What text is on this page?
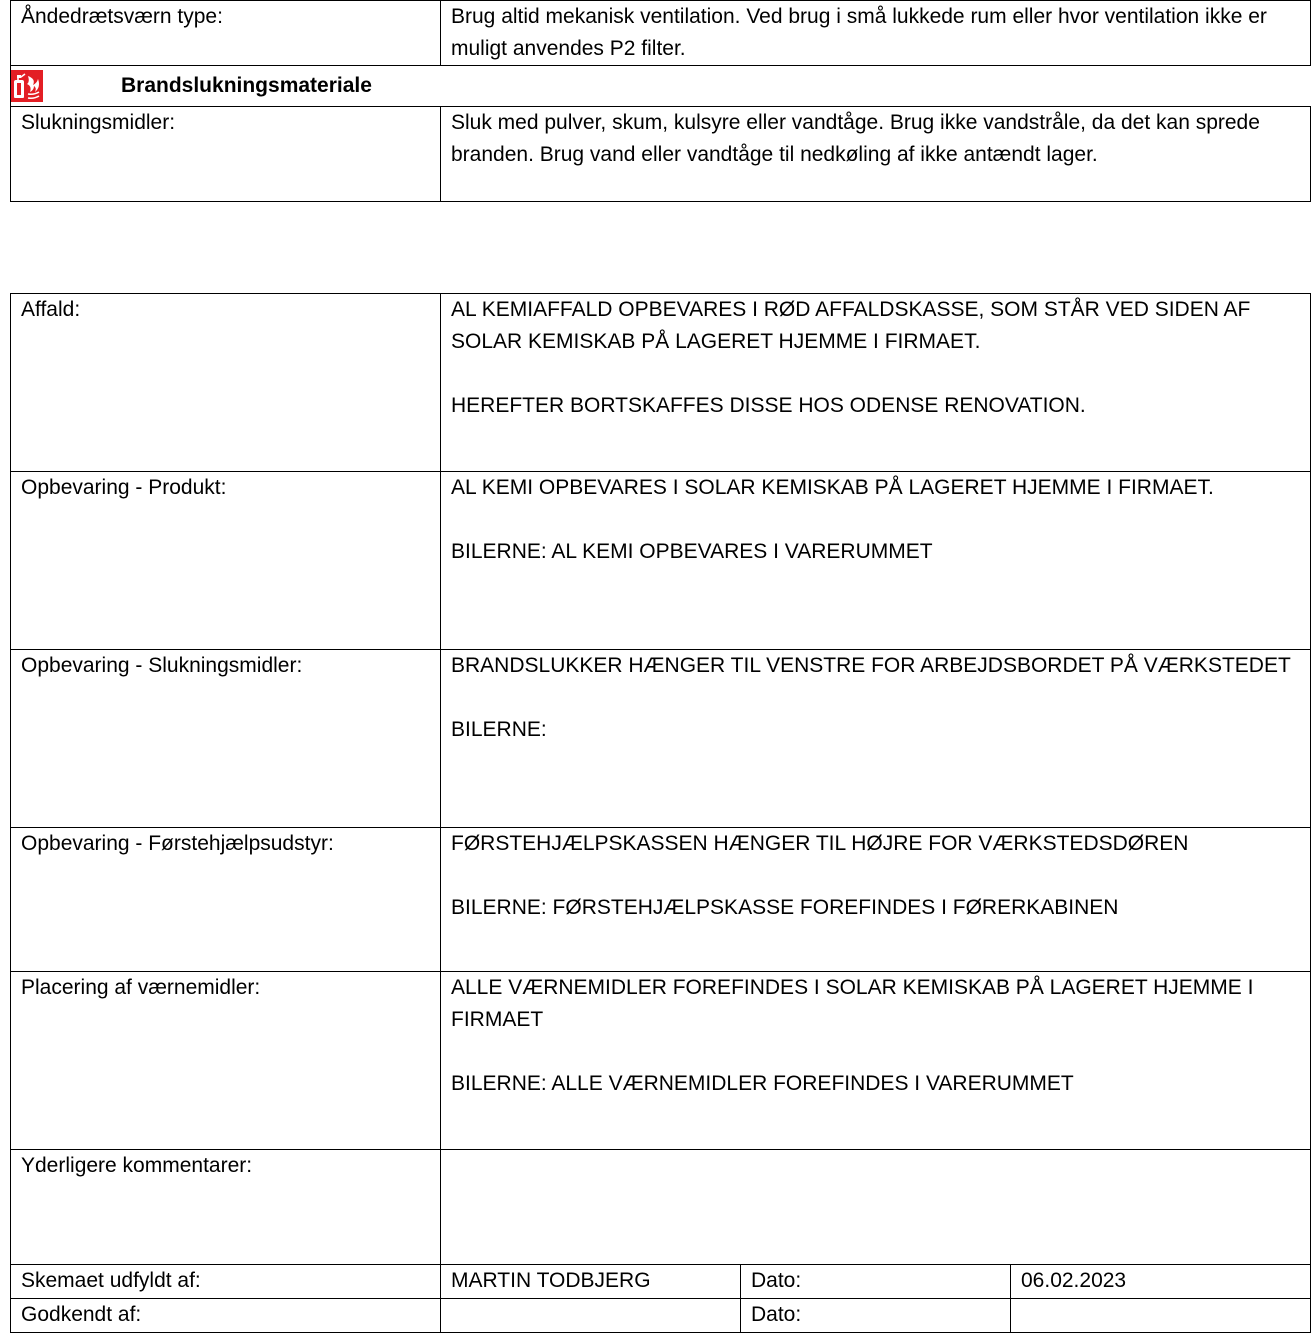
Åndedrætsværn type:	Brug altid mekanisk ventilation. Ved brug i små lukkede rum eller hvor ventilation ikke er muligt anvendes P2 filter.

Brandslukningsmateriale	

Slukningsmidler:	Sluk med pulver, skum, kulsyre eller vandtåge. Brug ikke vandstråle, da det kan sprede branden. Brug vand eller vandtåge til nedkøling af ikke antændt lager.
Affald:	AL KEMIAFFALD OPBEVARES I RØD AFFALDSKASSE, SOM STÅR VED SIDEN AF SOLAR KEMISKAB PÅ LAGERET HJEMME I FIRMAET.

HEREFTER BORTSKAFFES DISSE HOS ODENSE RENOVATION.		

Opbevaring - Produkt:	AL KEMI OPBEVARES I SOLAR KEMISKAB PÅ LAGERET HJEMME I FIRMAET.

BILERNE: AL KEMI OPBEVARES I VARERUMMET		

Opbevaring - Slukningsmidler:	BRANDSLUKKER HÆNGER TIL VENSTRE FOR ARBEJDSBORDET PÅ VÆRKSTEDET

BILERNE:		

Opbevaring - Førstehjælpsudstyr:	FØRSTEHJÆLPSKASSEN HÆNGER TIL HØJRE FOR VÆRKSTEDSDØREN

BILERNE: FØRSTEHJÆLPSKASSE FOREFINDES I FØRERKABINEN		

Placering af værnemidler:	ALLE VÆRNEMIDLER FOREFINDES I SOLAR KEMISKAB PÅ LAGERET HJEMME I FIRMAET

BILERNE: ALLE VÆRNEMIDLER FOREFINDES I VARERUMMET		

Yderligere kommentarer:			
Skemaet udfyldt af:	MARTIN TODBJERG	Dato:	06.02.2023
Godkendt af:		Dato:	
